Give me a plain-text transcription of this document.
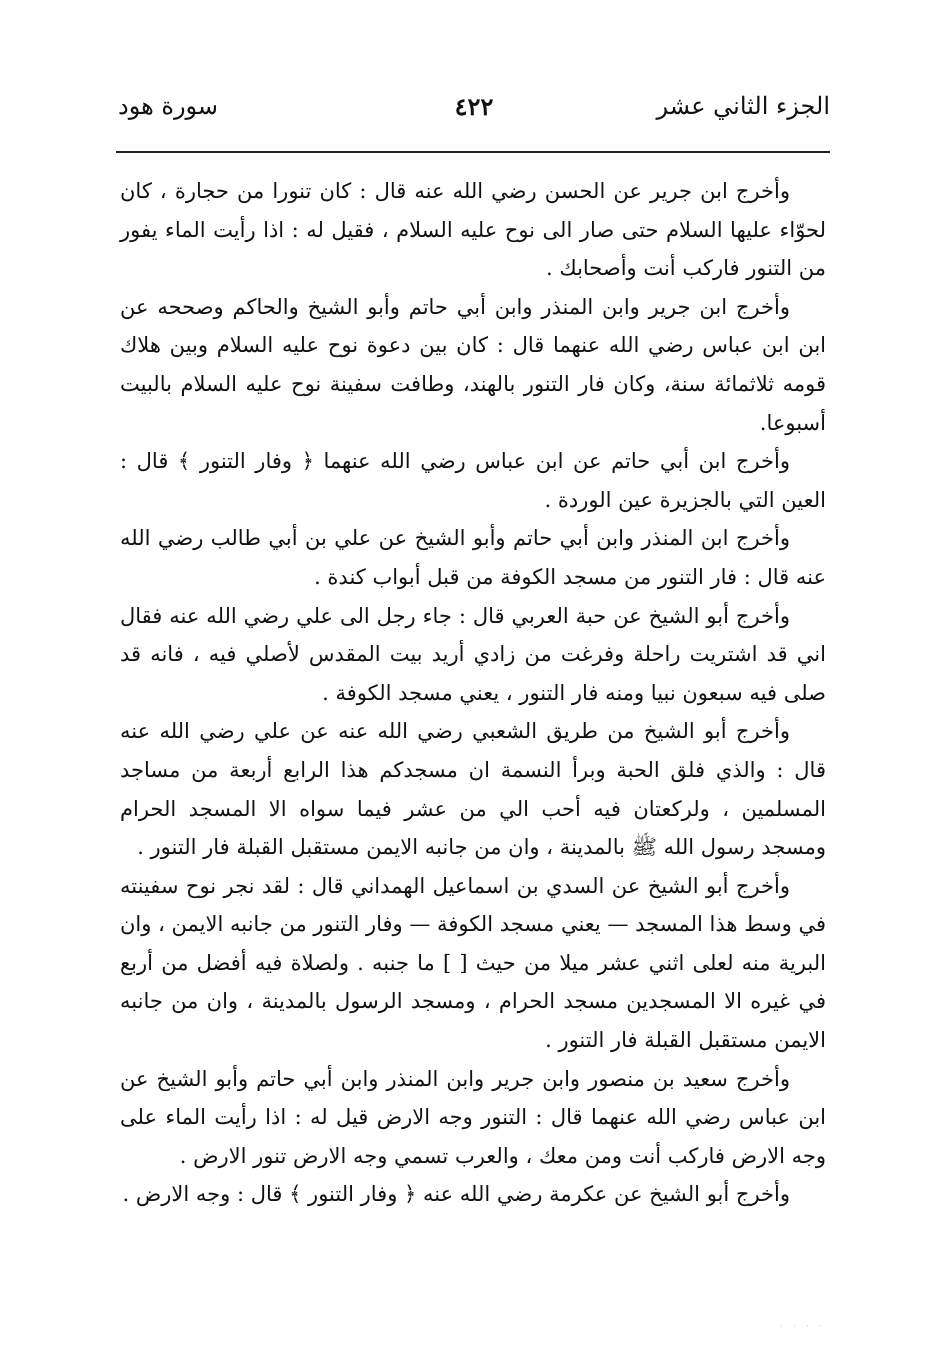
الجزء الثاني عشر
٤٢٢
سورة هود

وأخرج ابن جرير عن الحسن رضي الله عنه قال : كان تنورا من حجارة ، كان لحوّاء عليها السلام حتى صار الى نوح عليه السلام ، فقيل له : اذا رأيت الماء يفور من التنور فاركب أنت وأصحابك .

وأخرج ابن جرير وابن المنذر وابن أبي حاتم وأبو الشيخ والحاكم وصححه عن ابن ابن عباس رضي الله عنهما قال : كان بين دعوة نوح عليه السلام وبين هلاك قومه ثلاثمائة سنة، وكان فار التنور بالهند، وطافت سفينة نوح عليه السلام بالبيت أسبوعا.

وأخرج ابن أبي حاتم عن ابن عباس رضي الله عنهما ﴿ وفار التنور ﴾ قال : العين التي بالجزيرة عين الوردة .

وأخرج ابن المنذر وابن أبي حاتم وأبو الشيخ عن علي بن أبي طالب رضي الله عنه قال : فار التنور من مسجد الكوفة من قبل أبواب كندة .

وأخرج أبو الشيخ عن حبة العربي قال : جاء رجل الى علي رضي الله عنه فقال اني قد اشتريت راحلة وفرغت من زادي أريد بيت المقدس لأصلي فيه ، فانه قد صلى فيه سبعون نبيا ومنه فار التنور ، يعني مسجد الكوفة .

وأخرج أبو الشيخ من طريق الشعبي رضي الله عنه عن علي رضي الله عنه قال : والذي فلق الحبة وبرأ النسمة ان مسجدكم هذا الرابع أربعة من مساجد المسلمين ، ولركعتان فيه أحب الي من عشر فيما سواه الا المسجد الحرام ومسجد رسول الله ﷺ بالمدينة ، وان من جانبه الايمن مستقبل القبلة فار التنور .

وأخرج أبو الشيخ عن السدي بن اسماعيل الهمداني قال : لقد نجر نوح سفينته في وسط هذا المسجد — يعني مسجد الكوفة — وفار التنور من جانبه الايمن ، وان البرية منه لعلى اثني عشر ميلا من حيث [ ] ما جنبه . ولصلاة فيه أفضل من أربع في غيره الا المسجدين مسجد الحرام ، ومسجد الرسول بالمدينة ، وان من جانبه الايمن مستقبل القبلة فار التنور .

وأخرج سعيد بن منصور وابن جرير وابن المنذر وابن أبي حاتم وأبو الشيخ عن ابن عباس رضي الله عنهما قال : التنور وجه الارض قيل له : اذا رأيت الماء على وجه الارض فاركب أنت ومن معك ، والعرب تسمي وجه الارض تنور الارض .

وأخرج أبو الشيخ عن عكرمة رضي الله عنه ﴿ وفار التنور ﴾ قال : وجه الارض .

· · · ·
